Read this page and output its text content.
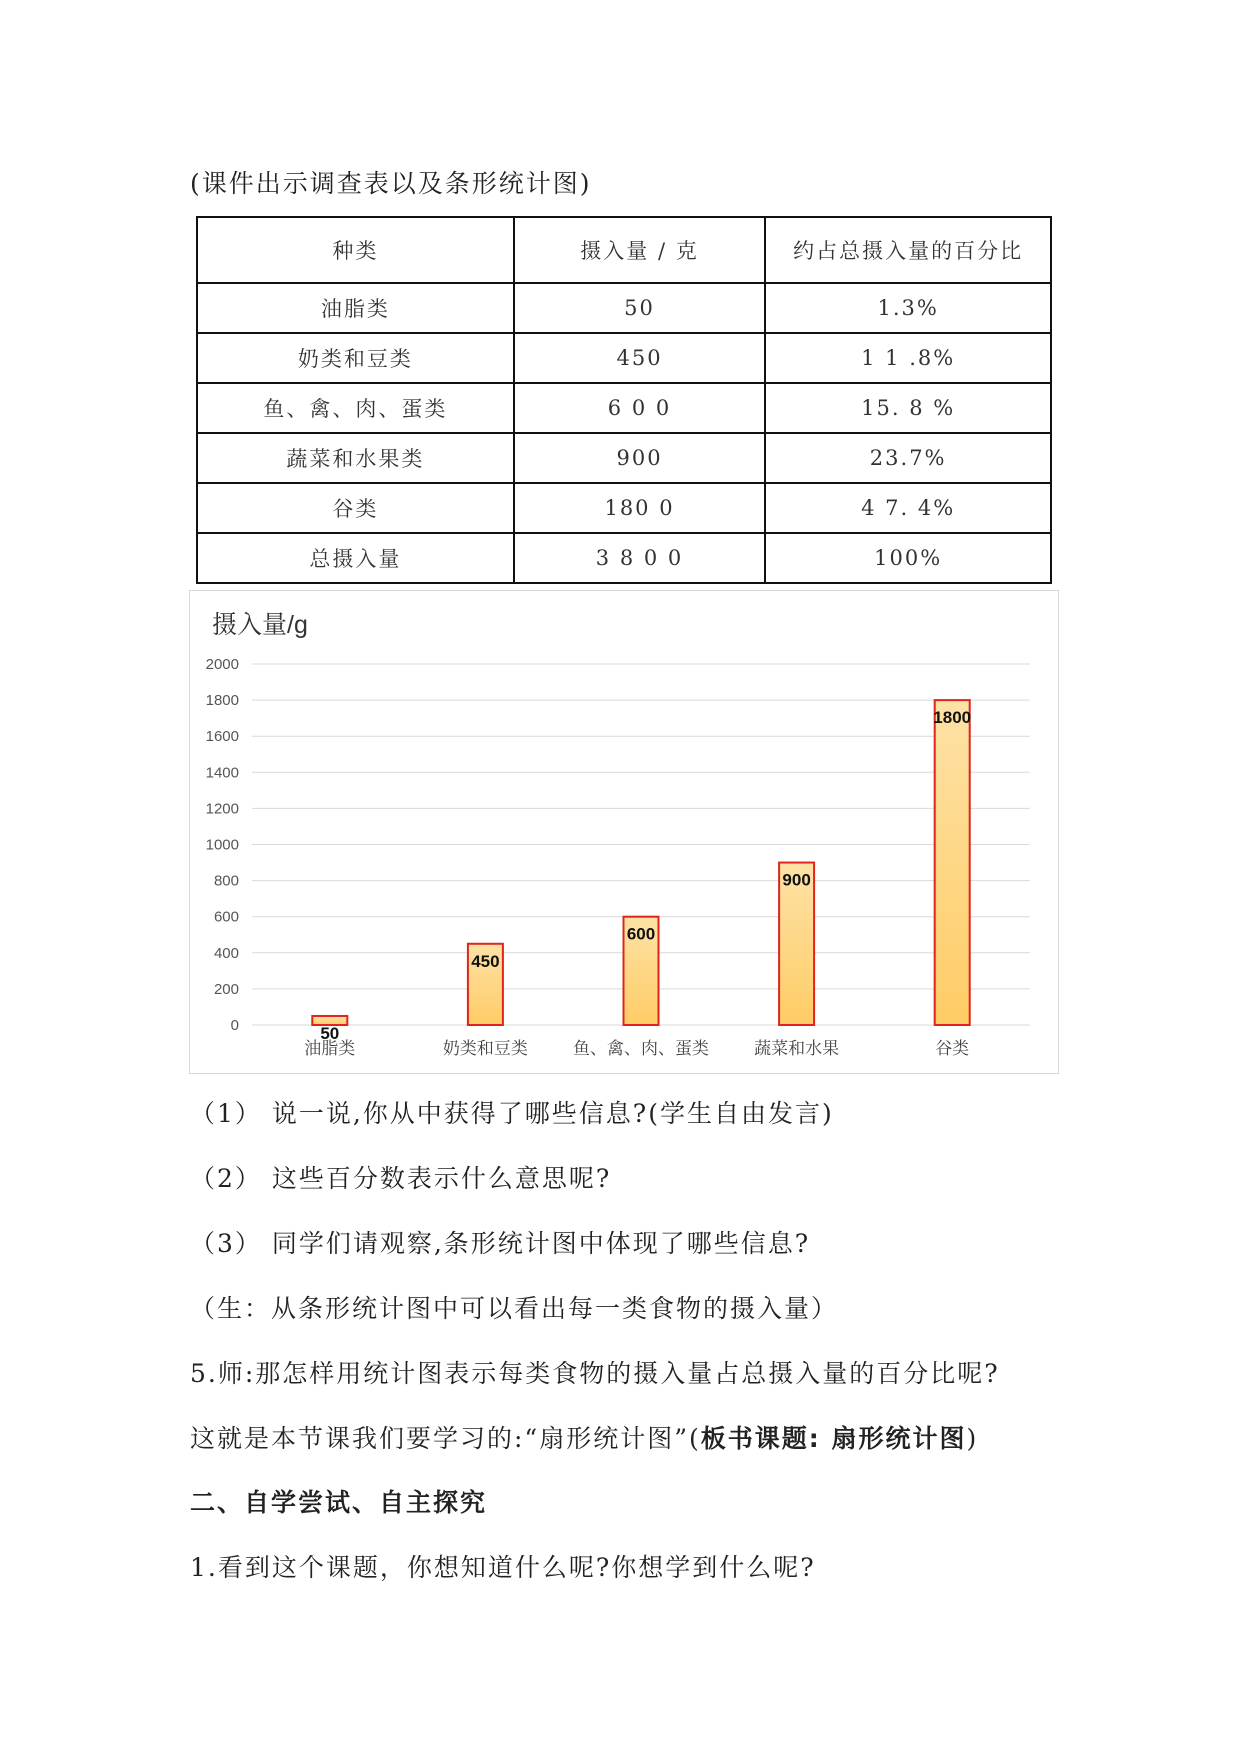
(课件出示调查表以及条形统计图)
种类	摄入量 / 克	约占总摄入量的百分比
油脂类	50	1.3%
奶类和豆类	450	1 1 .8%
鱼、禽、肉、蛋类	6 0 0	15. 8 %
蔬菜和水果类	900	23.7%
谷类	180 0	4 7. 4%
总摄入量	3 8 0 0	100%
摄入量/g
0
200
400
600
800
1000
1200
1400
1600
1800
2000
50
油脂类
450
奶类和豆类
600
鱼、禽、肉、蛋类
900
蔬菜和水果
1800
谷类
（1） 说一说,你从中获得了哪些信息?(学生自由发言)
（2） 这些百分数表示什么意思呢?
（3） 同学们请观察,条形统计图中体现了哪些信息?
（生：从条形统计图中可以看出每一类食物的摄入量）
5.师:那怎样用统计图表示每类食物的摄入量占总摄入量的百分比呢?
这就是本节课我们要学习的:“扇形统计图”(板书课题: 扇形统计图)
二、自学尝试、自主探究
1.看到这个课题，你想知道什么呢?你想学到什么呢?
